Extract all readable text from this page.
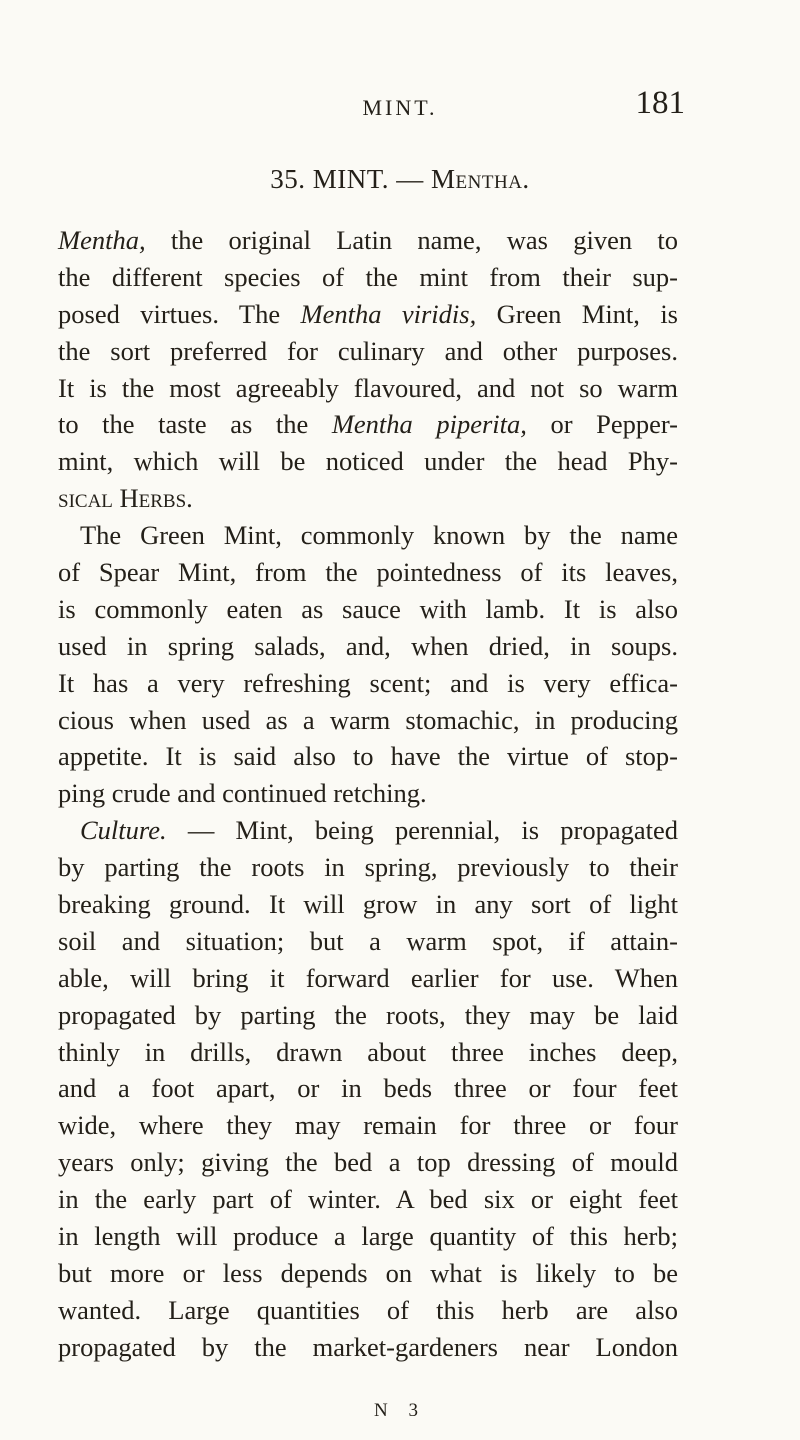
MINT.	181
35. MINT. — Mentha.
Mentha, the original Latin name, was given to
the different species of the mint from their sup-
posed virtues. The Mentha viridis, Green Mint, is
the sort preferred for culinary and other purposes.
It is the most agreeably flavoured, and not so warm
to the taste as the Mentha piperita, or Pepper-
mint, which will be noticed under the head Phy-
sical Herbs.
The Green Mint, commonly known by the name
of Spear Mint, from the pointedness of its leaves,
is commonly eaten as sauce with lamb. It is also
used in spring salads, and, when dried, in soups.
It has a very refreshing scent; and is very effica-
cious when used as a warm stomachic, in producing
appetite. It is said also to have the virtue of stop-
ping crude and continued retching.
Culture. — Mint, being perennial, is propagated
by parting the roots in spring, previously to their
breaking ground. It will grow in any sort of light
soil and situation; but a warm spot, if attain-
able, will bring it forward earlier for use. When
propagated by parting the roots, they may be laid
thinly in drills, drawn about three inches deep,
and a foot apart, or in beds three or four feet
wide, where they may remain for three or four
years only; giving the bed a top dressing of mould
in the early part of winter. A bed six or eight feet
in length will produce a large quantity of this herb;
but more or less depends on what is likely to be
wanted. Large quantities of this herb are also
propagated by the market-gardeners near London
N 3
